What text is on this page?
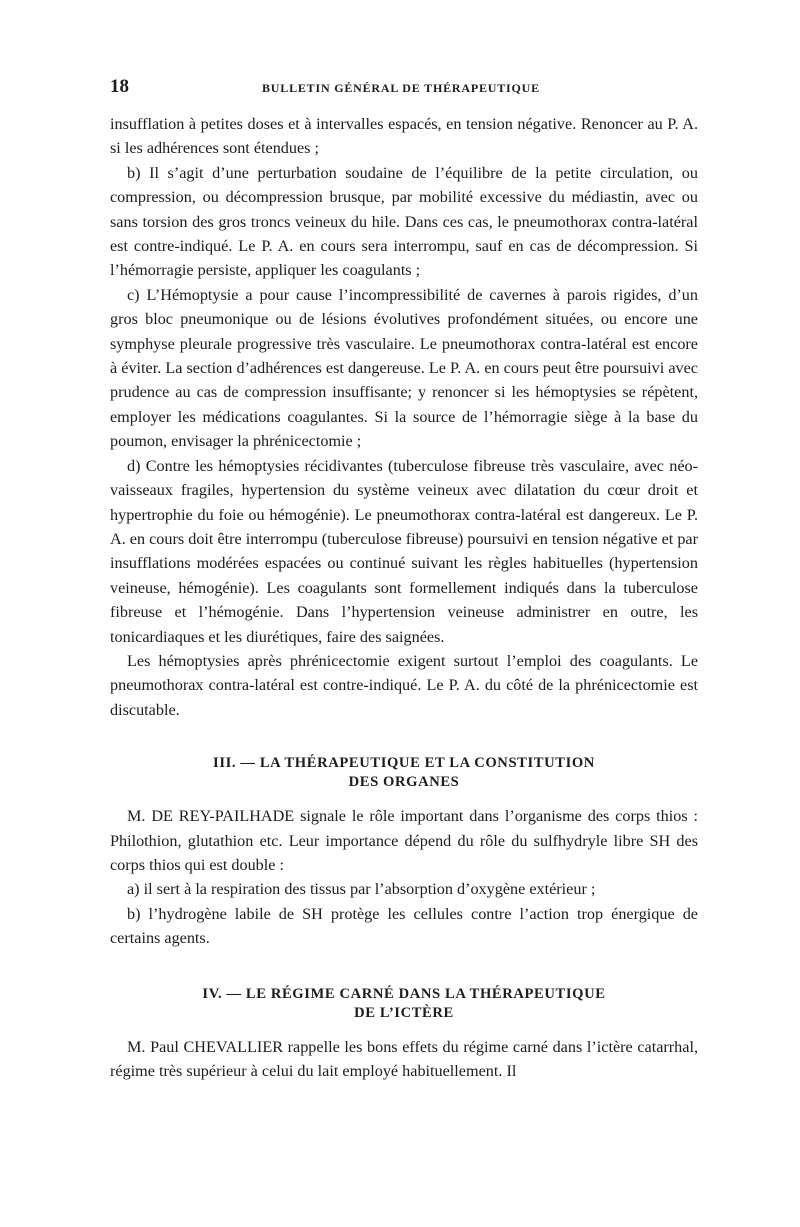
18	BULLETIN GÉNÉRAL DE THÉRAPEUTIQUE

insufflation à petites doses et à intervalles espacés, en tension négative. Renoncer au P. A. si les adhérences sont étendues ;

b) Il s’agit d’une perturbation soudaine de l’équilibre de la petite circulation, ou compression, ou décompression brusque, par mobilité excessive du médiastin, avec ou sans torsion des gros troncs veineux du hile. Dans ces cas, le pneumothorax contra-latéral est contre-indiqué. Le P. A. en cours sera interrompu, sauf en cas de décompression. Si l’hémorragie persiste, appliquer les coagulants ;

c) L’Hémoptysie a pour cause l’incompressibilité de cavernes à parois rigides, d’un gros bloc pneumonique ou de lésions évolutives profondément situées, ou encore une symphyse pleurale progressive très vasculaire. Le pneumothorax contra-latéral est encore à éviter. La section d’adhérences est dangereuse. Le P. A. en cours peut être poursuivi avec prudence au cas de compression insuffisante; y renoncer si les hémoptysies se répètent, employer les médications coagulantes. Si la source de l’hémorragie siège à la base du poumon, envisager la phrénicectomie ;

d) Contre les hémoptysies récidivantes (tuberculose fibreuse très vasculaire, avec néo-vaisseaux fragiles, hypertension du système veineux avec dilatation du cœur droit et hypertrophie du foie ou hémogénie). Le pneumothorax contra-latéral est dangereux. Le P. A. en cours doit être interrompu (tuberculose fibreuse) poursuivi en tension négative et par insufflations modérées espacées ou continué suivant les règles habituelles (hypertension veineuse, hémogénie). Les coagulants sont formellement indiqués dans la tuberculose fibreuse et l’hémogénie. Dans l’hypertension veineuse administrer en outre, les tonicardiaques et les diurétiques, faire des saignées.

Les hémoptysies après phrénicectomie exigent surtout l’emploi des coagulants. Le pneumothorax contra-latéral est contre-indiqué. Le P. A. du côté de la phrénicectomie est discutable.

III. — LA THÉRAPEUTIQUE ET LA CONSTITUTION
DES ORGANES

M. DE REY-PAILHADE signale le rôle important dans l’organisme des corps thios : Philothion, glutathion etc. Leur importance dépend du rôle du sulfhydryle libre SH des corps thios qui est double :

a) il sert à la respiration des tissus par l’absorption d’oxygène extérieur ;

b) l’hydrogène labile de SH protège les cellules contre l’action trop énergique de certains agents.

IV. — LE RÉGIME CARNÉ DANS LA THÉRAPEUTIQUE
DE L’ICTÈRE

M. Paul CHEVALLIER rappelle les bons effets du régime carné dans l’ictère catarrhal, régime très supérieur à celui du lait employé habituellement. Il
